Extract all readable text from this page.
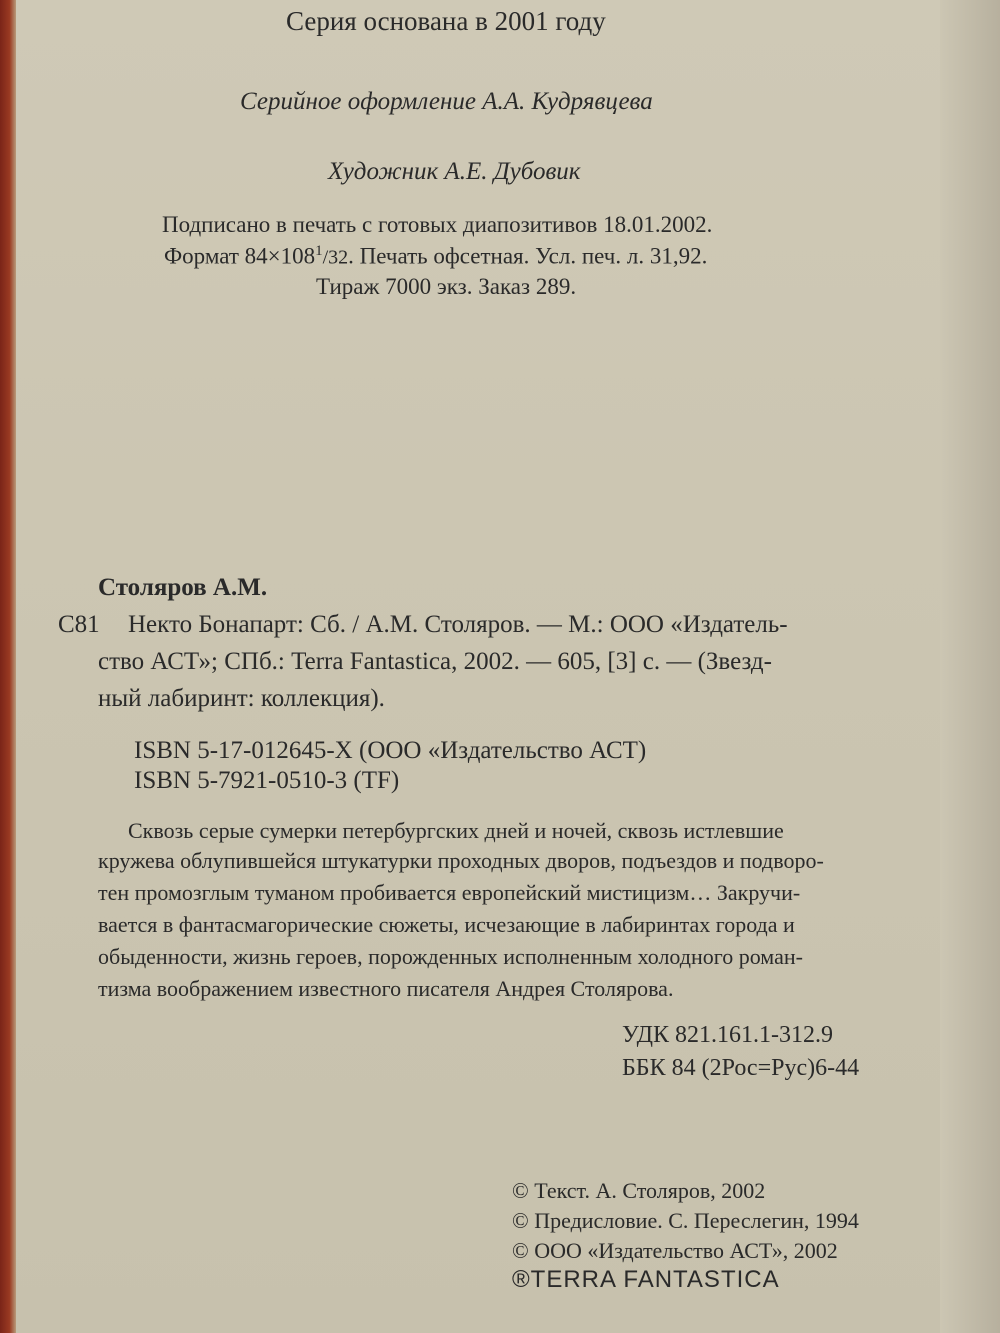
Серия основана в 2001 году
Серийное оформление А.А. Кудрявцева
Художник А.Е. Дубовик
Подписано в печать с готовых диапозитивов 18.01.2002.
Формат $84\times 108^1/32$. Печать офсетная. Усл. печ. л. 31,92.
Тираж 7000 экз. Заказ 289.
Столяров А.М.
С81 Некто Бонапарт: Сб. / А.М. Столяров. — М.: ООО «Издатель-
ство АСТ»; СПб.: Terra Fantastica, 2002. — 605, [3] с. — (Звезд-
ный лабиринт: коллекция).
ISBN 5-17-012645-Х (ООО «Издательство АСТ)
ISBN 5-7921-0510-3 (TF)
Сквозь серые сумерки петербургских дней и ночей, сквозь истлевшие
кружева облупившейся штукатурки проходных дворов, подъездов и подворо-
тен промозглым туманом пробивается европейский мистицизм… Закручи-
вается в фантасмагорические сюжеты, исчезающие в лабиринтах города и
обыденности, жизнь героев, порожденных исполненным холодного роман-
тизма воображением известного писателя Андрея Столярова.
УДК 821.161.1-312.9
ББК 84 (2Рос=Рус)6-44
© Текст. А. Столяров, 2002
© Предисловие. С. Переслегин, 1994
© ООО «Издательство АСТ», 2002
®TERRA FANTASTICA
